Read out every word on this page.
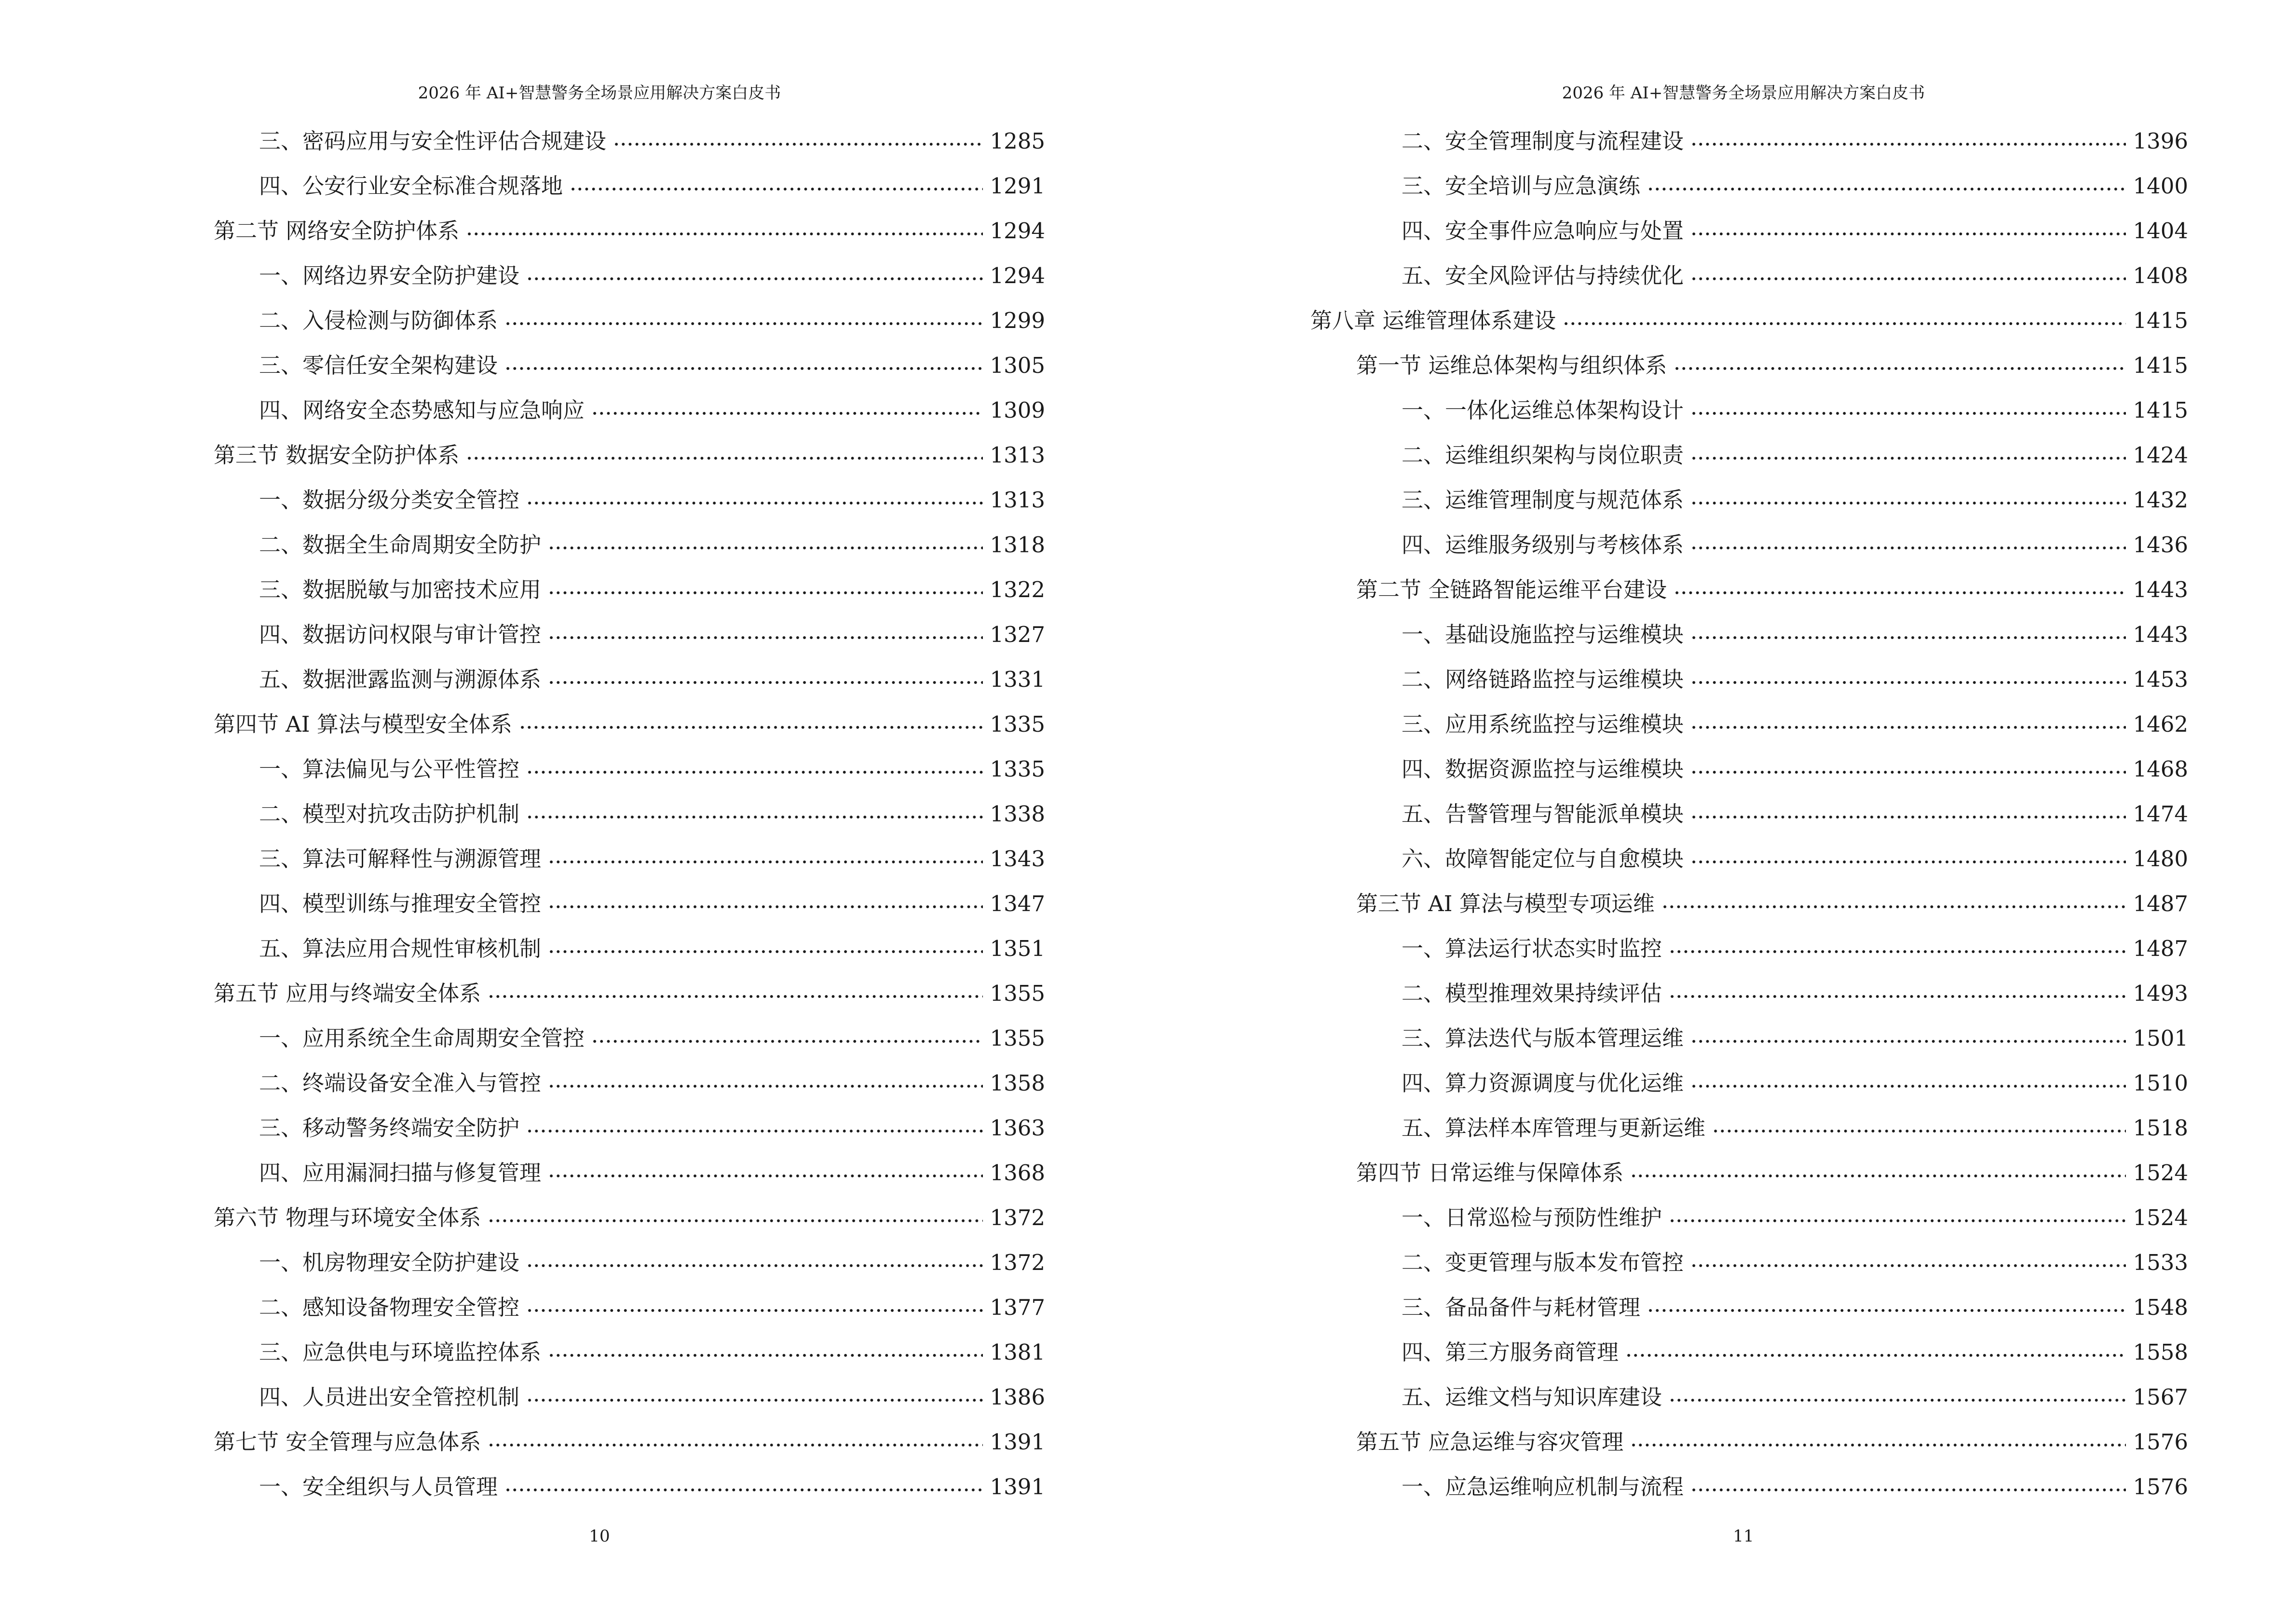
2026 年 AI+智慧警务全场景应用解决方案白皮书
三、密码应用与安全性评估合规建设	1285
四、公安行业安全标准合规落地	1291
第二节 网络安全防护体系	1294
一、网络边界安全防护建设	1294
二、入侵检测与防御体系	1299
三、零信任安全架构建设	1305
四、网络安全态势感知与应急响应	1309
第三节 数据安全防护体系	1313
一、数据分级分类安全管控	1313
二、数据全生命周期安全防护	1318
三、数据脱敏与加密技术应用	1322
四、数据访问权限与审计管控	1327
五、数据泄露监测与溯源体系	1331
第四节 AI 算法与模型安全体系	1335
一、算法偏见与公平性管控	1335
二、模型对抗攻击防护机制	1338
三、算法可解释性与溯源管理	1343
四、模型训练与推理安全管控	1347
五、算法应用合规性审核机制	1351
第五节 应用与终端安全体系	1355
一、应用系统全生命周期安全管控	1355
二、终端设备安全准入与管控	1358
三、移动警务终端安全防护	1363
四、应用漏洞扫描与修复管理	1368
第六节 物理与环境安全体系	1372
一、机房物理安全防护建设	1372
二、感知设备物理安全管控	1377
三、应急供电与环境监控体系	1381
四、人员进出安全管控机制	1386
第七节 安全管理与应急体系	1391
一、安全组织与人员管理	1391
10
2026 年 AI+智慧警务全场景应用解决方案白皮书
二、安全管理制度与流程建设	1396
三、安全培训与应急演练	1400
四、安全事件应急响应与处置	1404
五、安全风险评估与持续优化	1408
第八章 运维管理体系建设	1415
第一节 运维总体架构与组织体系	1415
一、一体化运维总体架构设计	1415
二、运维组织架构与岗位职责	1424
三、运维管理制度与规范体系	1432
四、运维服务级别与考核体系	1436
第二节 全链路智能运维平台建设	1443
一、基础设施监控与运维模块	1443
二、网络链路监控与运维模块	1453
三、应用系统监控与运维模块	1462
四、数据资源监控与运维模块	1468
五、告警管理与智能派单模块	1474
六、故障智能定位与自愈模块	1480
第三节 AI 算法与模型专项运维	1487
一、算法运行状态实时监控	1487
二、模型推理效果持续评估	1493
三、算法迭代与版本管理运维	1501
四、算力资源调度与优化运维	1510
五、算法样本库管理与更新运维	1518
第四节 日常运维与保障体系	1524
一、日常巡检与预防性维护	1524
二、变更管理与版本发布管控	1533
三、备品备件与耗材管理	1548
四、第三方服务商管理	1558
五、运维文档与知识库建设	1567
第五节 应急运维与容灾管理	1576
一、应急运维响应机制与流程	1576
11
